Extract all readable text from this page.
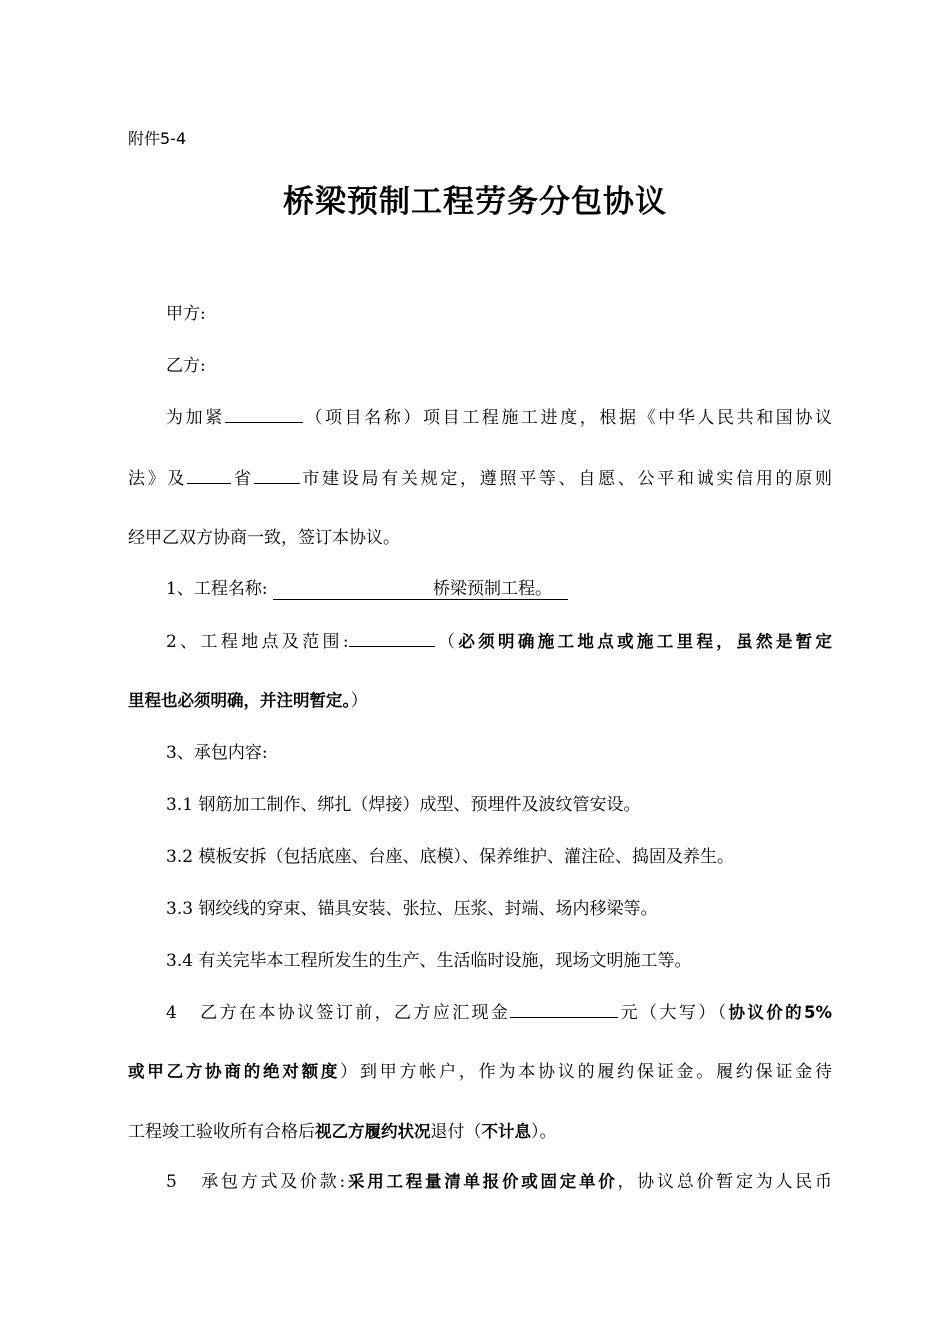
附件5-4
桥梁预制工程劳务分包协议
甲方:
乙方:
为加紧	（项目名称）项目工程施工进度，根据《中华人民共和国协议
法》及	省	市建设局有关规定，遵照平等、自愿、公平和诚实信用的原则
经甲乙双方协商一致，签订本协议。
1、工程名称:	桥梁预制工程。
2、工程地点及范围:	（必须明确施工地点或施工里程，虽然是暂定
里程也必须明确，并注明暂定。）
3、承包内容:
3.1 钢筋加工制作、绑扎（焊接）成型、预埋件及波纹管安设。
3.2 模板安拆（包括底座、台座、底模）、保养维护、灌注砼、捣固及养生。
3.3 钢绞线的穿束、锚具安装、张拉、压浆、封端、场内移梁等。
3.4 有关完毕本工程所发生的生产、生活临时设施，现场文明施工等。
4 乙方在本协议签订前，乙方应汇现金	元（大写）（协议价的5%
或甲乙方协商的绝对额度）到甲方帐户，作为本协议的履约保证金。履约保证金待
工程竣工验收所有合格后视乙方履约状况退付（不计息）。
5 承包方式及价款:采用工程量清单报价或固定单价，协议总价暂定为人民币
